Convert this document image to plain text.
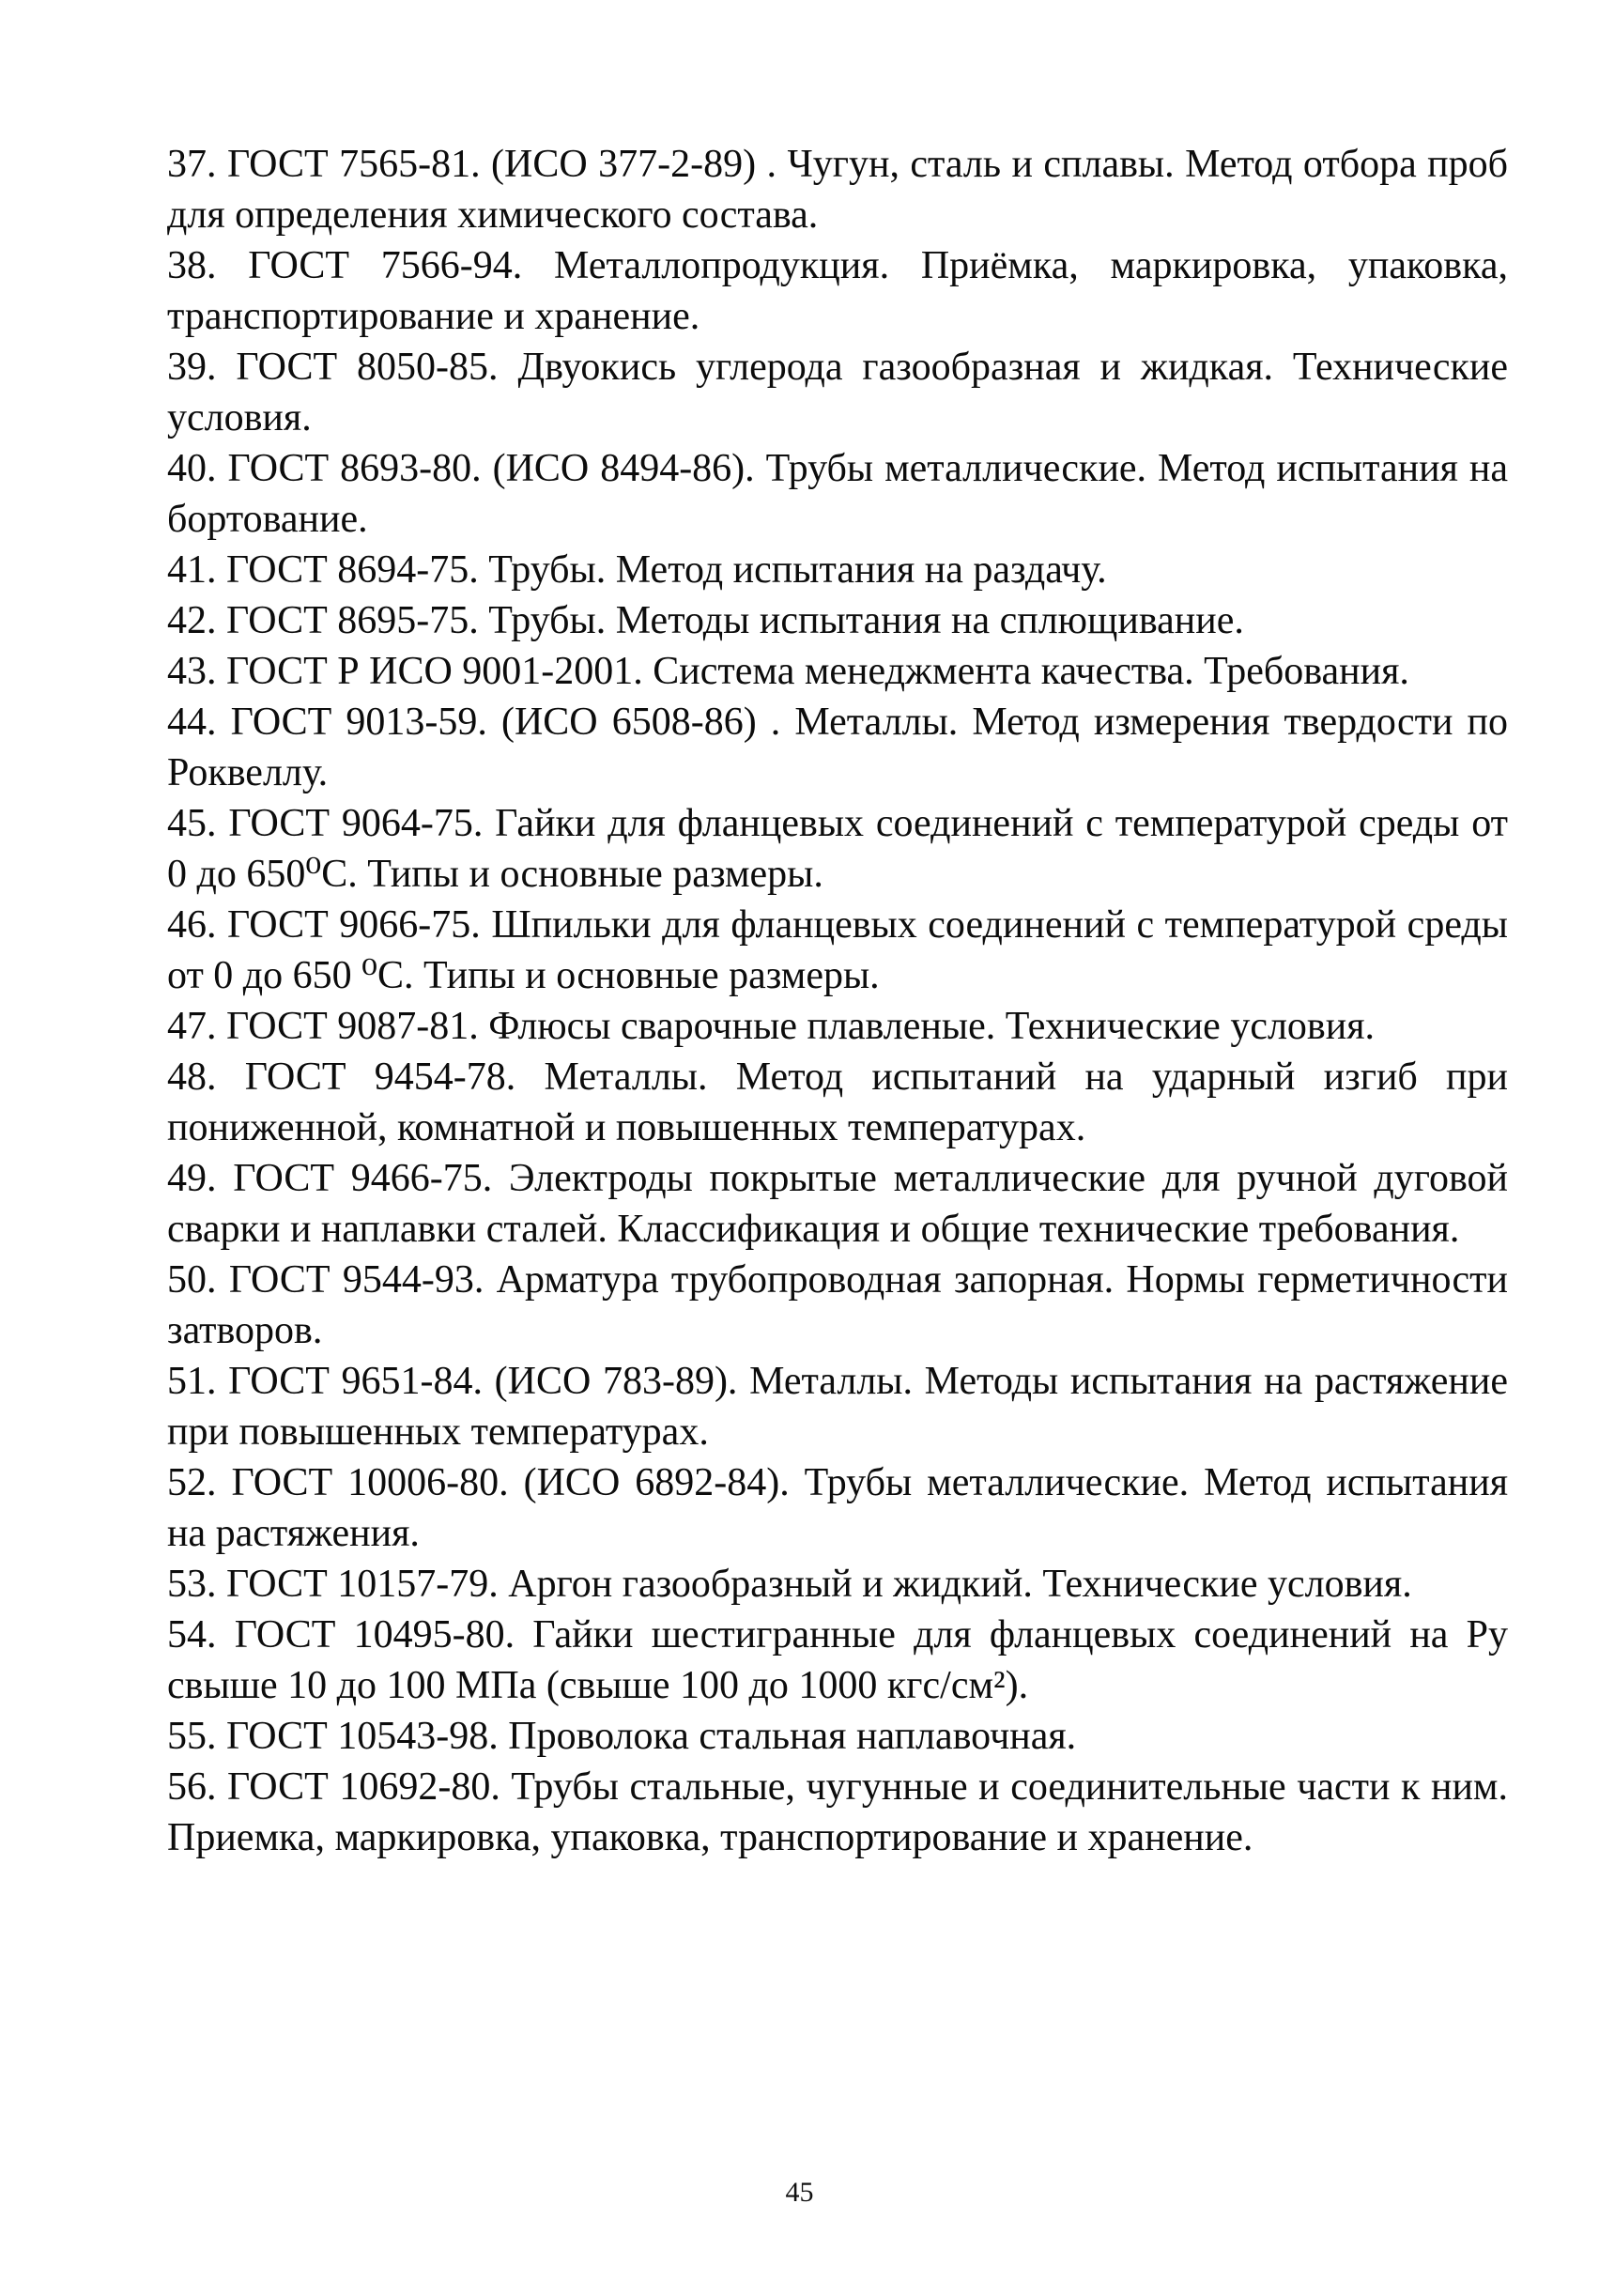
37. ГОСТ 7565-81. (ИСО 377-2-89) . Чугун, сталь и сплавы. Метод отбора проб для определения химического состава.
38. ГОСТ 7566-94. Металлопродукция. Приёмка, маркировка, упаковка, транспортирование и хранение.
39. ГОСТ 8050-85. Двуокись углерода газообразная и жидкая. Технические условия.
40. ГОСТ 8693-80. (ИСО 8494-86). Трубы металлические. Метод испытания на бортование.
41. ГОСТ 8694-75. Трубы. Метод испытания на раздачу.
42. ГОСТ 8695-75. Трубы. Методы испытания на сплющивание.
43. ГОСТ Р ИСО 9001-2001. Система менеджмента качества. Требования.
44. ГОСТ 9013-59. (ИСО 6508-86) . Металлы. Метод измерения твердости по Роквеллу.
45. ГОСТ 9064-75. Гайки для фланцевых соединений с температурой среды от 0 до 650⁰С. Типы и основные размеры.
46. ГОСТ 9066-75. Шпильки для фланцевых соединений с температурой среды от 0 до 650 ⁰С. Типы и основные размеры.
47. ГОСТ 9087-81. Флюсы сварочные плавленые. Технические условия.
48. ГОСТ 9454-78. Металлы. Метод испытаний на ударный изгиб при пониженной, комнатной и повышенных температурах.
49. ГОСТ 9466-75. Электроды покрытые металлические для ручной дуговой сварки и наплавки сталей. Классификация и общие технические требования.
50. ГОСТ 9544-93. Арматура трубопроводная запорная. Нормы герметичности затворов.
51. ГОСТ 9651-84. (ИСО 783-89). Металлы. Методы испытания на растяжение при повышенных температурах.
52. ГОСТ 10006-80. (ИСО 6892-84). Трубы металлические. Метод испытания на растяжения.
53. ГОСТ 10157-79. Аргон газообразный и жидкий. Технические условия.
54. ГОСТ 10495-80. Гайки шестигранные для фланцевых соединений на Ру свыше 10 до 100 МПа (свыше 100 до 1000 кгс/см²).
55. ГОСТ 10543-98. Проволока стальная наплавочная.
56. ГОСТ 10692-80. Трубы стальные, чугунные и соединительные части к ним. Приемка, маркировка, упаковка, транспортирование и хранение.
45
